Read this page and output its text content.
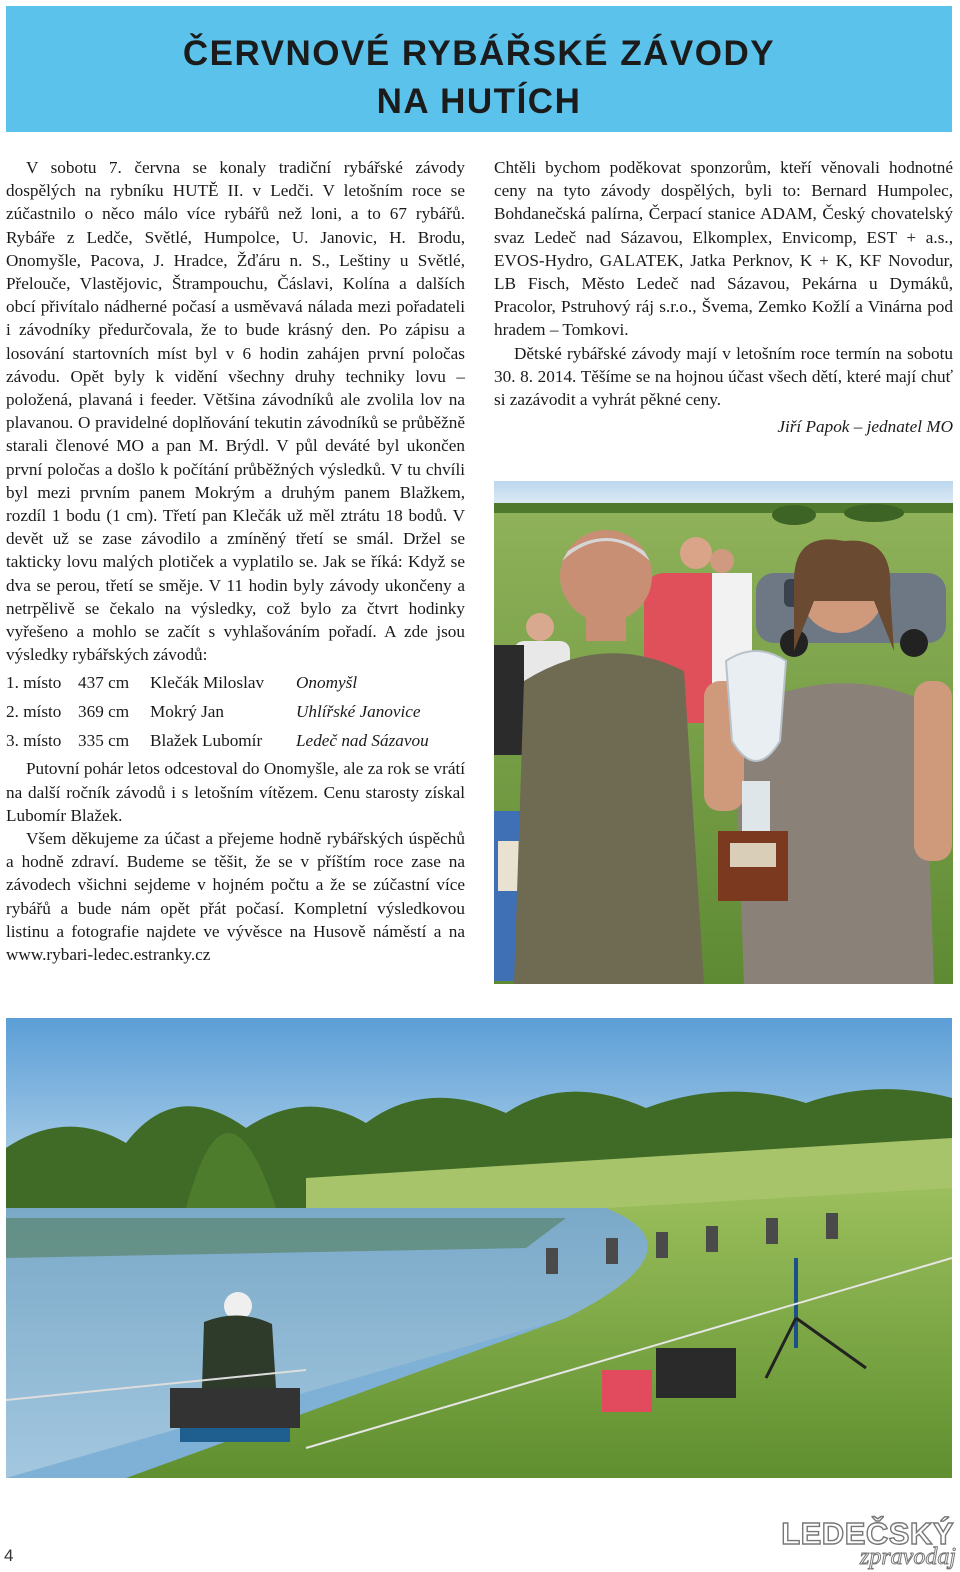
ČERVNOVÉ RYBÁŘSKÉ ZÁVODY
NA HUTÍCH

V sobotu 7. června se konaly tradiční rybářské závody dospělých na rybníku HUTĚ II. v Ledči. V letošním roce se zúčastnilo o něco málo více rybářů než loni, a to 67 rybářů. Rybáře z Ledče, Světlé, Humpolce, U. Janovic, H. Brodu, Onomyšle, Pacova, J. Hradce, Žďáru n. S., Leštiny u Světlé, Přelouče, Vlastějovic, Štrampouchu, Čáslavi, Kolína a dalších obcí přivítalo nádherné počasí a usměvavá nálada mezi pořadateli i závodníky předurčovala, že to bude krásný den. Po zápisu a losování startovních míst byl v 6 hodin zahájen první poločas závodu. Opět byly k vidění všechny druhy techniky lovu – položená, plavaná i feeder. Většina závodníků ale zvolila lov na plavanou. O pravidelné doplňování tekutin závodníků se průběžně starali členové MO a pan M. Brýdl. V půl deváté byl ukončen první poločas a došlo k počítání průběžných výsledků. V tu chvíli byl mezi prvním panem Mokrým a druhým panem Blažkem, rozdíl 1 bodu (1 cm). Třetí pan Klečák už měl ztrátu 18 bodů. V devět už se zase závodilo a zmíněný třetí se smál. Držel se takticky lovu malých plotiček a vyplatilo se. Jak se říká: Když se dva se perou, třetí se směje. V 11 hodin byly závody ukončeny a netrpělivě se čekalo na výsledky, což bylo za čtvrt hodinky vyřešeno a mohlo se začít s vyhlašováním pořadí. A zde jsou výsledky rybářských závodů:

1. místo 437 cm	Klečák Miloslav	Onomyšl
2. místo 369 cm	Mokrý Jan	Uhlířské Janovice
3. místo 335 cm	Blažek Lubomír	Ledeč nad Sázavou

Putovní pohár letos odcestoval do Onomyšle, ale za rok se vrátí na další ročník závodů i s letošním vítězem. Cenu starosty získal Lubomír Blažek.

Všem děkujeme za účast a přejeme hodně rybářských úspěchů a hodně zdraví. Budeme se těšit, že se v příštím roce zase na závodech všichni sejdeme v hojném počtu a že se zúčastní více rybářů a bude nám opět přát počasí. Kompletní výsledkovou listinu a fotografie najdete ve vývěsce na Husově náměstí a na www.rybari-ledec.estranky.cz

Chtěli bychom poděkovat sponzorům, kteří věnovali hodnotné ceny na tyto závody dospělých, byli to: Bernard Humpolec, Bohdanečská palírna, Čerpací stanice ADAM, Český chovatelský svaz Ledeč nad Sázavou, Elkomplex, Envicomp, EST + a.s., EVOS-Hydro, GALATEK, Jatka Perknov, K + K, KF Novodur, LB Fisch, Město Ledeč nad Sázavou, Pekárna u Dymáků, Pracolor, Pstruhový ráj s.r.o., Švema, Zemko Kožlí a Vinárna pod hradem – Tomkovi.

Dětské rybářské závody mají v letošním roce termín na sobotu 30. 8. 2014. Těšíme se na hojnou účast všech dětí, které mají chuť si zazávodit a vyhrát pěkné ceny.

Jiří Papok – jednatel MO

4
LEDEČSKÝ
zpravodaj
